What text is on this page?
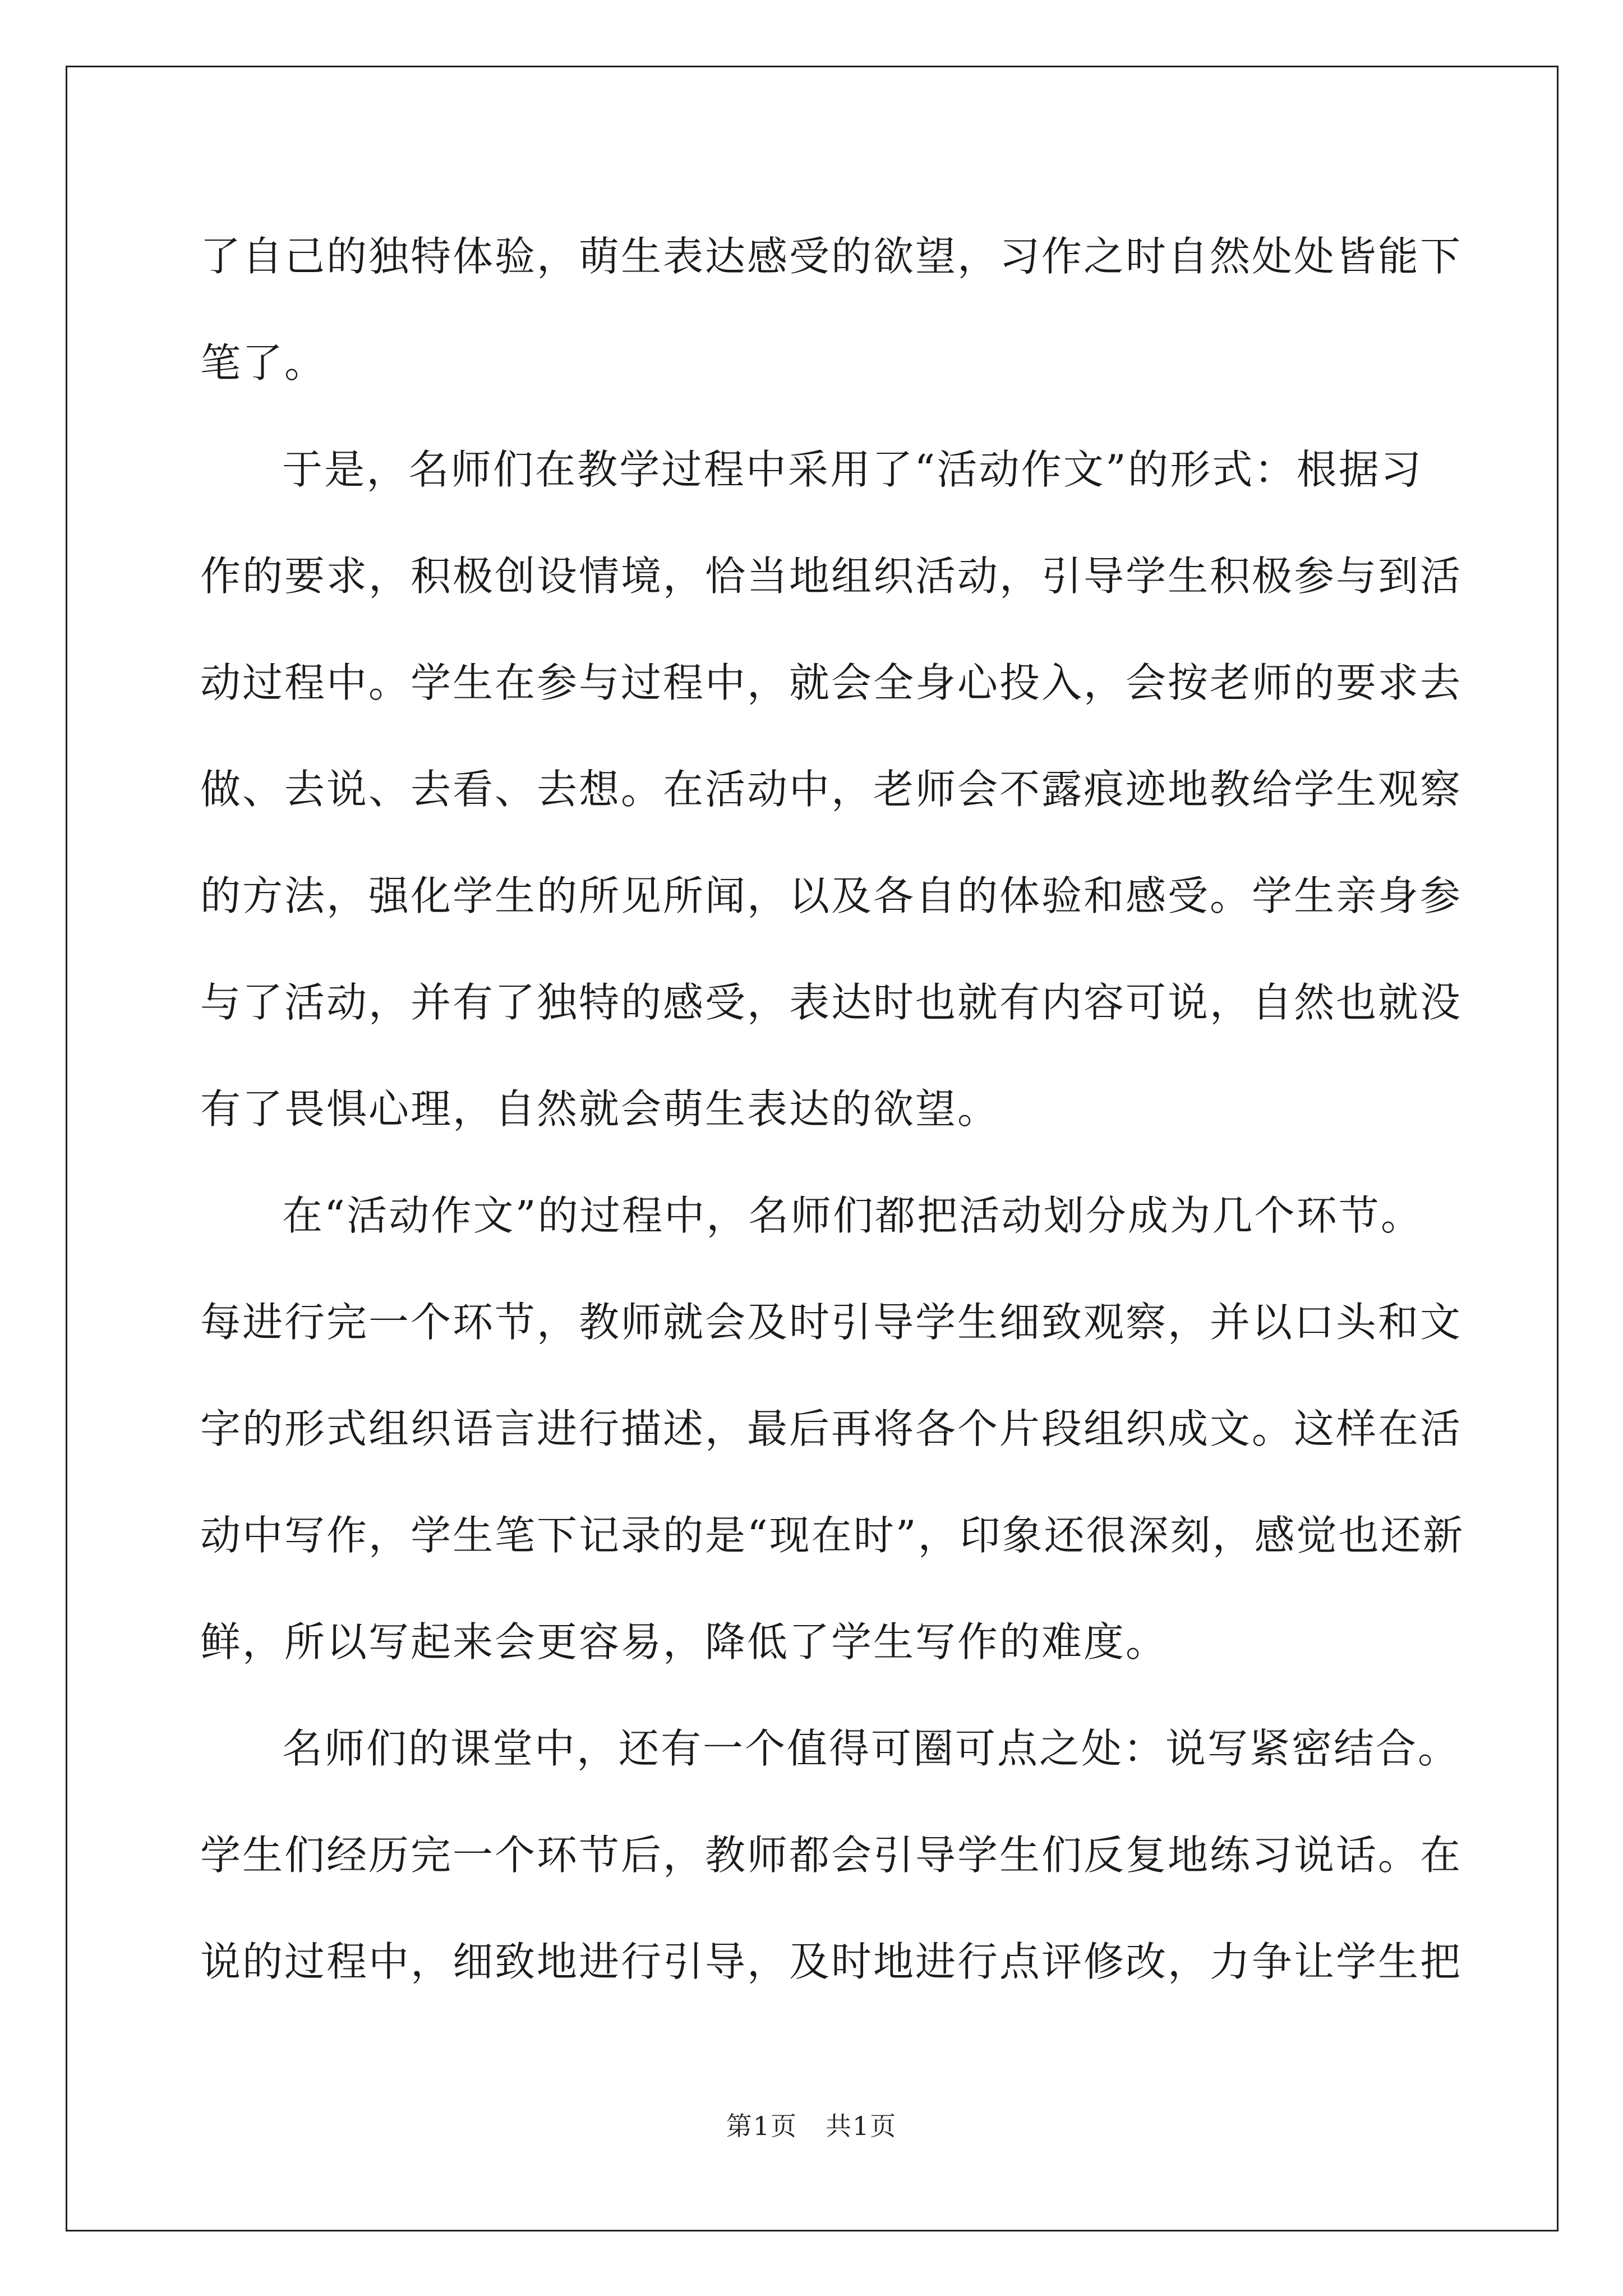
了自己的独特体验，萌生表达感受的欲望，习作之时自然处处皆能下
笔了。
于是，名师们在教学过程中采用了“活动作文”的形式：根据习
作的要求，积极创设情境，恰当地组织活动，引导学生积极参与到活
动过程中。学生在参与过程中，就会全身心投入，会按老师的要求去
做、去说、去看、去想。在活动中，老师会不露痕迹地教给学生观察
的方法，强化学生的所见所闻，以及各自的体验和感受。学生亲身参
与了活动，并有了独特的感受，表达时也就有内容可说，自然也就没
有了畏惧心理，自然就会萌生表达的欲望。
在“活动作文”的过程中，名师们都把活动划分成为几个环节。
每进行完一个环节，教师就会及时引导学生细致观察，并以口头和文
字的形式组织语言进行描述，最后再将各个片段组织成文。这样在活
动中写作，学生笔下记录的是“现在时”，印象还很深刻，感觉也还新
鲜，所以写起来会更容易，降低了学生写作的难度。
名师们的课堂中，还有一个值得可圈可点之处：说写紧密结合。
学生们经历完一个环节后，教师都会引导学生们反复地练习说话。在
说的过程中，细致地进行引导，及时地进行点评修改，力争让学生把
第1页 共1页
